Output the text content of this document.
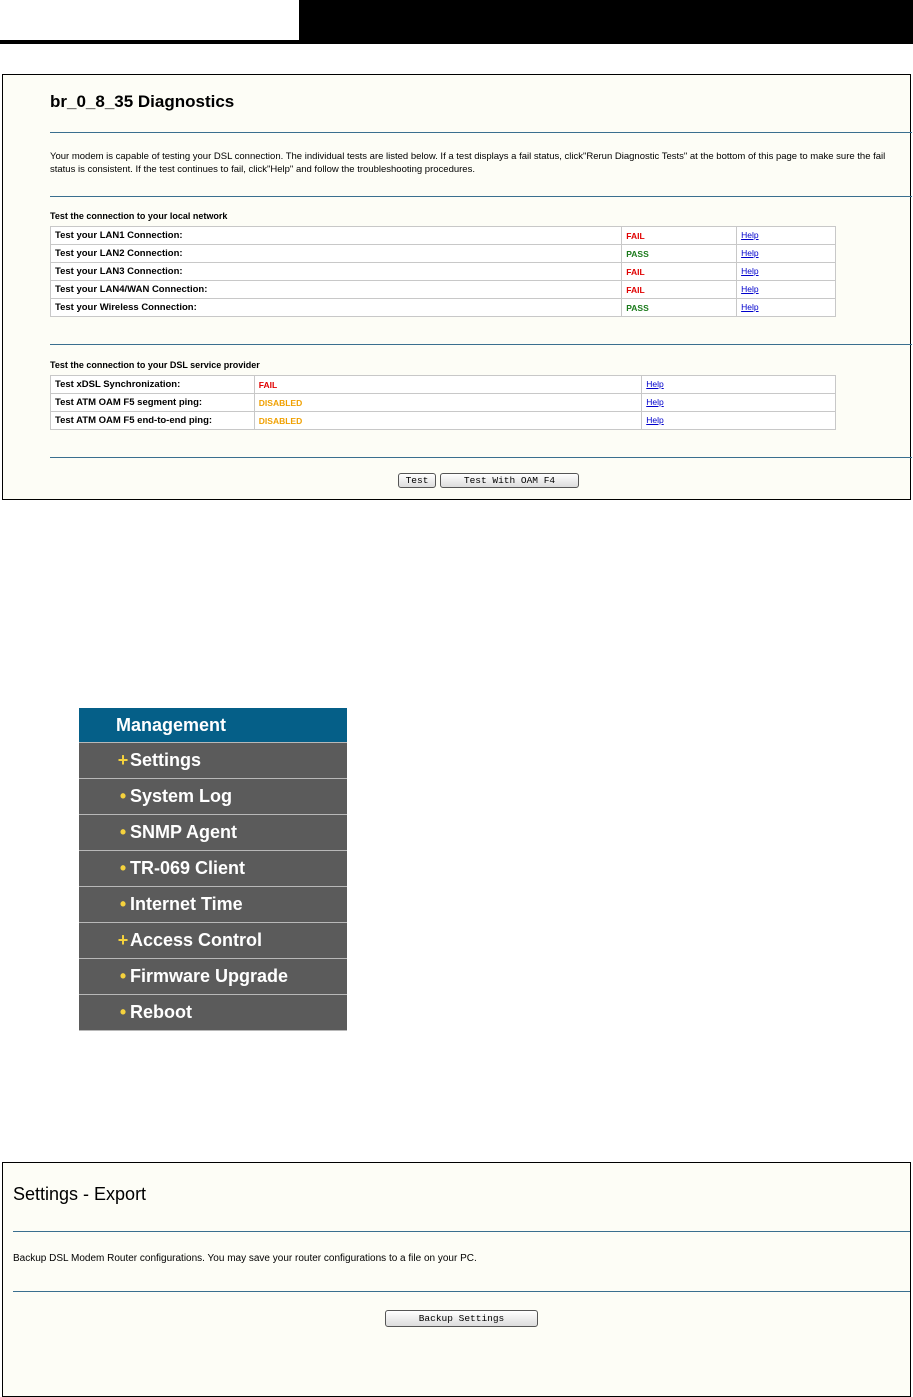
br_0_8_35 Diagnostics
Your modem is capable of testing your DSL connection. The individual tests are listed below. If a test displays a fail status, click"Rerun Diagnostic Tests" at the bottom of this page to make sure the fail status is consistent. If the test continues to fail, click"Help" and follow the troubleshooting procedures.
Test the connection to your local network
Test your LAN1 Connection:	FAIL	Help
Test your LAN2 Connection:	PASS	Help
Test your LAN3 Connection:	FAIL	Help
Test your LAN4/WAN Connection:	FAIL	Help
Test your Wireless Connection:	PASS	Help
Test the connection to your DSL service provider
Test xDSL Synchronization:	FAIL	Help
Test ATM OAM F5 segment ping:	DISABLED	Help
Test ATM OAM F5 end-to-end ping:	DISABLED	Help
Test	Test With OAM F4
Management
+Settings
• System Log
• SNMP Agent
• TR-069 Client
• Internet Time
+Access Control
• Firmware Upgrade
• Reboot
Settings - Export
Backup DSL Modem Router configurations. You may save your router configurations to a file on your PC.
Backup Settings
